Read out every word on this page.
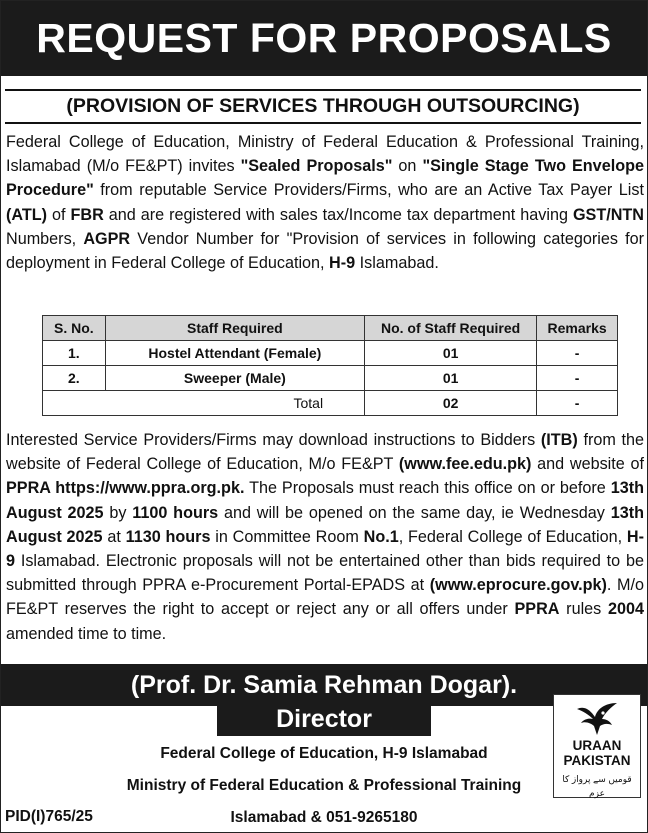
REQUEST FOR PROPOSALS
(PROVISION OF SERVICES THROUGH OUTSOURCING)
Federal College of Education, Ministry of Federal Education & Professional Training, Islamabad (M/o FE&PT) invites "Sealed Proposals" on "Single Stage Two Envelope Procedure" from reputable Service Providers/Firms, who are an Active Tax Payer List (ATL) of FBR and are registered with sales tax/Income tax department having GST/NTN Numbers, AGPR Vendor Number for "Provision of services in following categories for deployment in Federal College of Education, H-9 Islamabad.
S. No.	Staff Required	No. of Staff Required	Remarks
1.	Hostel Attendant (Female)	01	-
2.	Sweeper (Male)	01	-
Total		02	-
Interested Service Providers/Firms may download instructions to Bidders (ITB) from the website of Federal College of Education, M/o FE&PT (www.fee.edu.pk) and website of PPRA https://www.ppra.org.pk. The Proposals must reach this office on or before 13th August 2025 by 1100 hours and will be opened on the same day, ie Wednesday 13th August 2025 at 1130 hours in Committee Room No.1, Federal College of Education, H-9 Islamabad. Electronic proposals will not be entertained other than bids required to be submitted through PPRA e-Procurement Portal-EPADS at (www.eprocure.gov.pk). M/o FE&PT reserves the right to accept or reject any or all offers under PPRA rules 2004 amended time to time.
(Prof. Dr. Samia Rehman Dogar).
Director
Federal College of Education, H-9 Islamabad
Ministry of Federal Education & Professional Training
Islamabad & 051-9265180
PID(I)765/25
URAAN
PAKISTAN
قومیں سے پرواز کا عزم
